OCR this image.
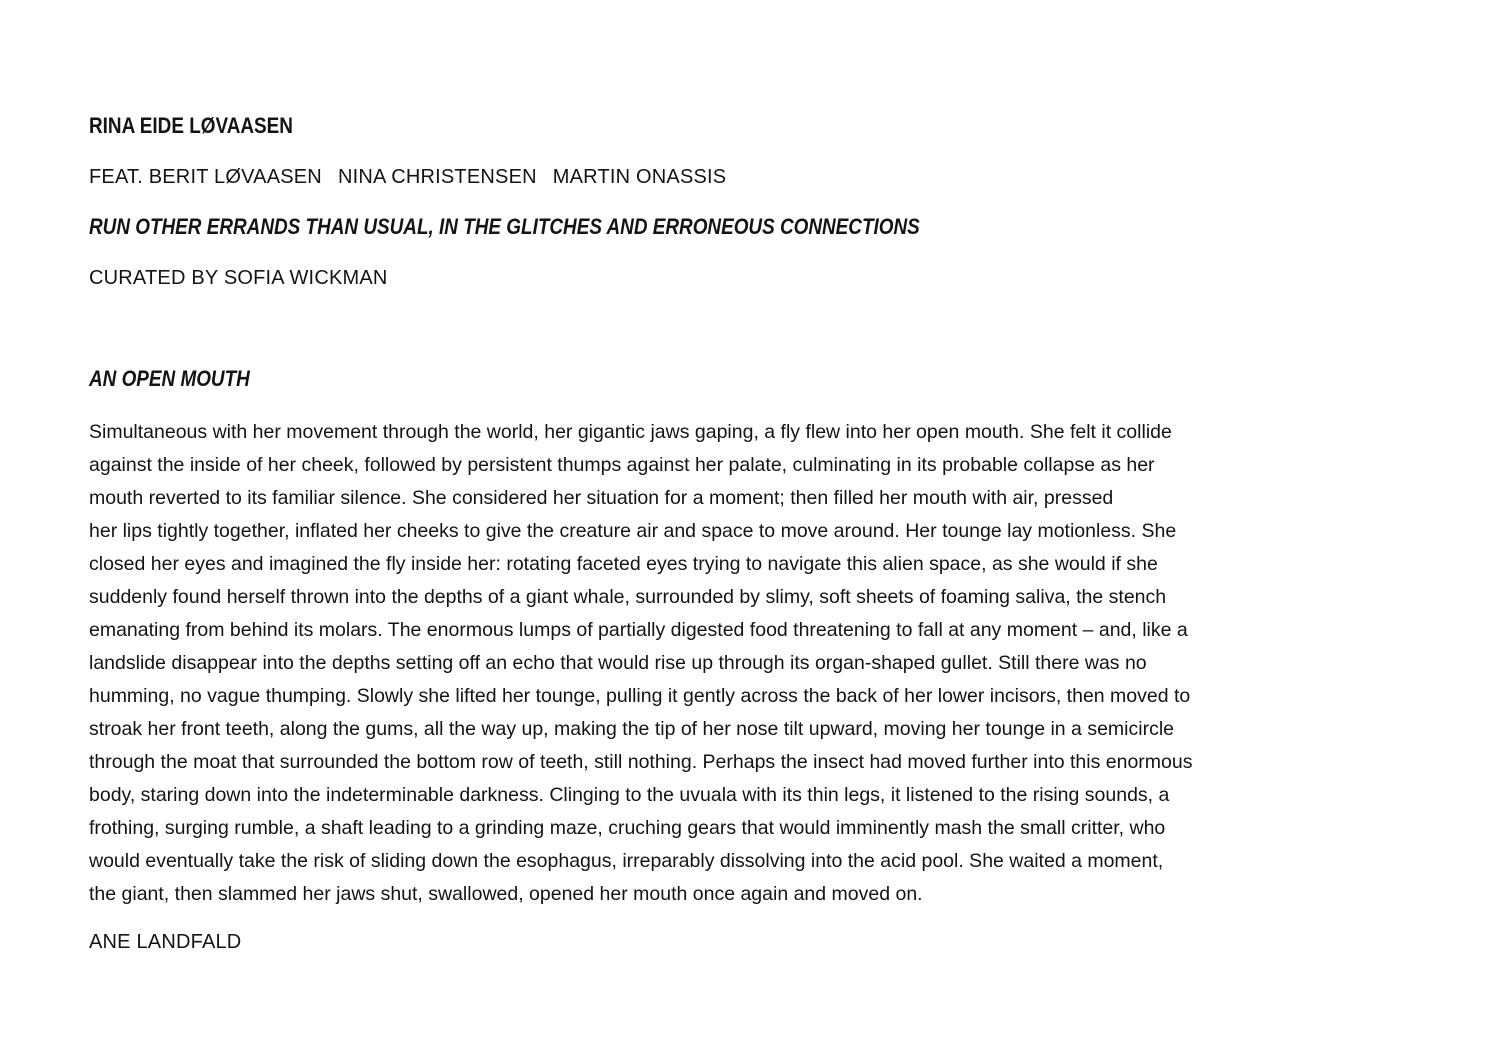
RINA EIDE LØVAASEN

FEAT. BERIT LØVAASEN NINA CHRISTENSEN MARTIN ONASSIS

RUN OTHER ERRANDS THAN USUAL, IN THE GLITCHES AND ERRONEOUS CONNECTIONS

CURATED BY SOFIA WICKMAN

AN OPEN MOUTH

Simultaneous with her movement through the world, her gigantic jaws gaping, a fly flew into her open mouth. She felt it collide
against the inside of her cheek, followed by persistent thumps against her palate, culminating in its probable collapse as her
mouth reverted to its familiar silence. She considered her situation for a moment; then filled her mouth with air, pressed
her lips tightly together, inflated her cheeks to give the creature air and space to move around. Her tounge lay motionless. She
closed her eyes and imagined the fly inside her: rotating faceted eyes trying to navigate this alien space, as she would if she
suddenly found herself thrown into the depths of a giant whale, surrounded by slimy, soft sheets of foaming saliva, the stench
emanating from behind its molars. The enormous lumps of partially digested food threatening to fall at any moment – and, like a
landslide disappear into the depths setting off an echo that would rise up through its organ-shaped gullet. Still there was no
humming, no vague thumping. Slowly she lifted her tounge, pulling it gently across the back of her lower incisors, then moved to
stroak her front teeth, along the gums, all the way up, making the tip of her nose tilt upward, moving her tounge in a semicircle
through the moat that surrounded the bottom row of teeth, still nothing. Perhaps the insect had moved further into this enormous
body, staring down into the indeterminable darkness. Clinging to the uvuala with its thin legs, it listened to the rising sounds, a
frothing, surging rumble, a shaft leading to a grinding maze, cruching gears that would imminently mash the small critter, who
would eventually take the risk of sliding down the esophagus, irreparably dissolving into the acid pool. She waited a moment,
the giant, then slammed her jaws shut, swallowed, opened her mouth once again and moved on.

ANE LANDFALD
